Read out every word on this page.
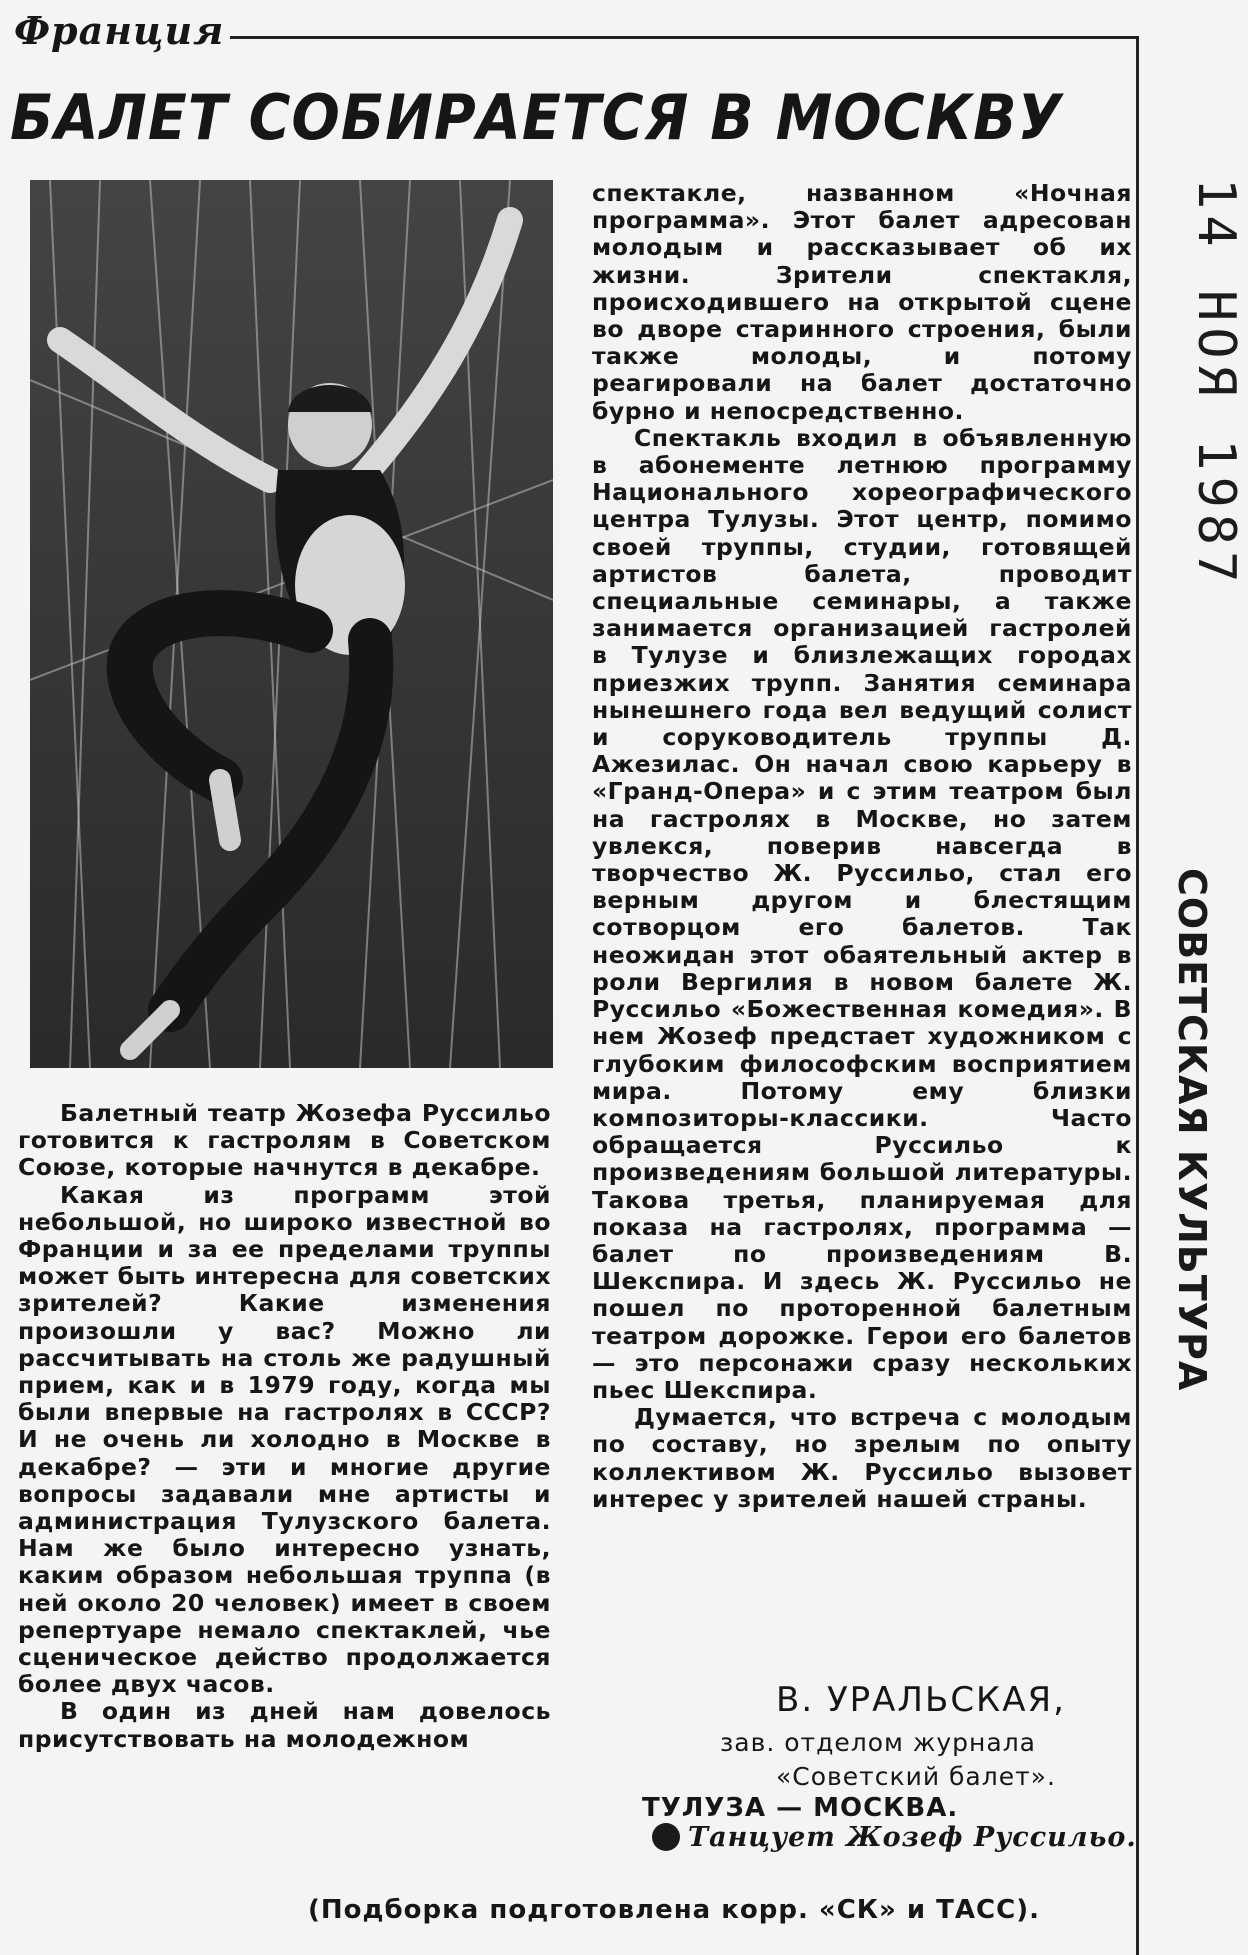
Франция
БАЛЕТ СОБИРАЕТСЯ В МОСКВУ

Балетный театр Жозефа Руссильо готовится к гастролям в Советском Союзе, которые начнутся в декабре.

Какая из программ этой небольшой, но широко известной во Франции и за ее пределами труппы может быть интересна для советских зрителей? Какие изменения произошли у вас? Можно ли рассчитывать на столь же радушный прием, как и в 1979 году, когда мы были впервые на гастролях в СССР? И не очень ли холодно в Москве в декабре? — эти и многие другие вопросы задавали мне артисты и администрация Тулузского балета. Нам же было интересно узнать, каким образом небольшая труппа (в ней около 20 человек) имеет в своем репертуаре немало спектаклей, чье сценическое действо продолжается более двух часов.

В один из дней нам довелось присутствовать на молодежном

спектакле, названном «Ночная программа». Этот балет адресован молодым и рассказывает об их жизни. Зрители спектакля, происходившего на открытой сцене во дворе старинного строения, были также молоды, и потому реагировали на балет достаточно бурно и непосредственно.

Спектакль входил в объявленную в абонементе летнюю программу Национального хореографического центра Тулузы. Этот центр, помимо своей труппы, студии, готовящей артистов балета, проводит специальные семинары, а также занимается организацией гастролей в Тулузе и близлежащих городах приезжих трупп. Занятия семинара нынешнего года вел ведущий солист и соруководитель труппы Д. Ажезилас. Он начал свою карьеру в «Гранд-Опера» и с этим театром был на гастролях в Москве, но затем увлекся, поверив навсегда в творчество Ж. Руссильо, стал его верным другом и блестящим сотворцом его балетов. Так неожидан этот обаятельный актер в роли Вергилия в новом балете Ж. Руссильо «Божественная комедия». В нем Жозеф предстает художником с глубоким философским восприятием мира. Потому ему близки композиторы-классики. Часто обращается Руссильо к произведениям большой литературы. Такова третья, планируемая для показа на гастролях, программа — балет по произведениям В. Шекспира. И здесь Ж. Руссильо не пошел по проторенной балетным театром дорожке. Герои его балетов — это персонажи сразу нескольких пьес Шекспира.

Думается, что встреча с молодым по составу, но зрелым по опыту коллективом Ж. Руссильо вызовет интерес у зрителей нашей страны.

В. УРАЛЬСКАЯ,
зав. отделом журнала
«Советский балет».
ТУЛУЗА — МОСКВА.
Танцует Жозеф Руссильо.
(Подборка подготовлена корр. «СК» и ТАСС).
14 НОЯ 1987
СОВЕТСКАЯ КУЛЬТУРА
